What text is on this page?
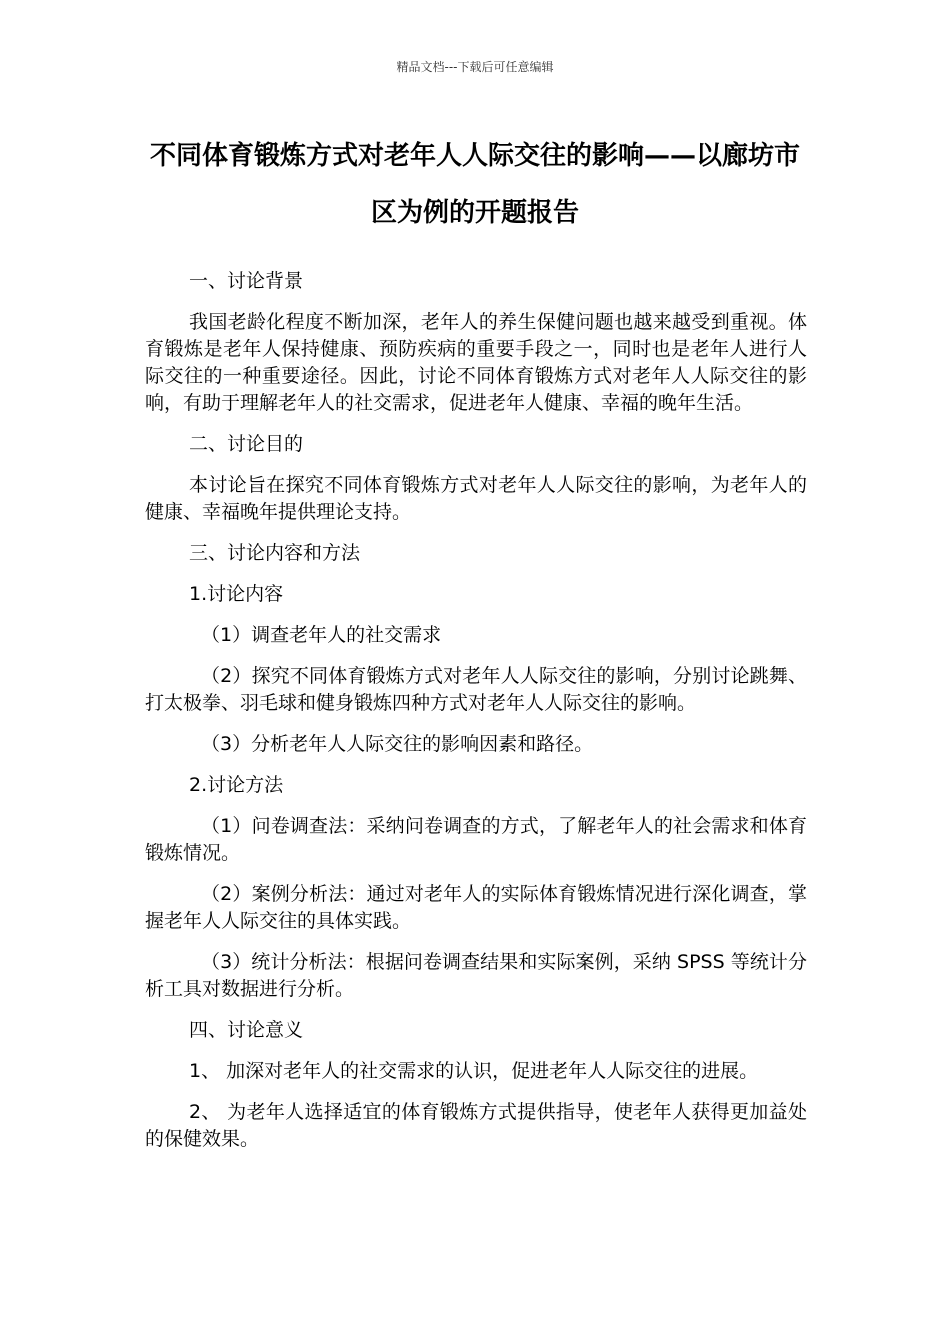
精品文档---下载后可任意编辑
不同体育锻炼方式对老年人人际交往的影响——以廊坊市区为例的开题报告

一、讨论背景

我国老龄化程度不断加深，老年人的养生保健问题也越来越受到重视。体育锻炼是老年人保持健康、预防疾病的重要手段之一，同时也是老年人进行人际交往的一种重要途径。因此，讨论不同体育锻炼方式对老年人人际交往的影响，有助于理解老年人的社交需求，促进老年人健康、幸福的晚年生活。

二、讨论目的

本讨论旨在探究不同体育锻炼方式对老年人人际交往的影响，为老年人的健康、幸福晚年提供理论支持。

三、讨论内容和方法

1.讨论内容

（1）调查老年人的社交需求

（2）探究不同体育锻炼方式对老年人人际交往的影响，分别讨论跳舞、打太极拳、羽毛球和健身锻炼四种方式对老年人人际交往的影响。

（3）分析老年人人际交往的影响因素和路径。

2.讨论方法

（1）问卷调查法：采纳问卷调查的方式，了解老年人的社会需求和体育锻炼情况。

（2）案例分析法：通过对老年人的实际体育锻炼情况进行深化调查，掌握老年人人际交往的具体实践。

（3）统计分析法：根据问卷调查结果和实际案例，采纳 SPSS 等统计分析工具对数据进行分析。

四、讨论意义

1、 加深对老年人的社交需求的认识，促进老年人人际交往的进展。

2、 为老年人选择适宜的体育锻炼方式提供指导，使老年人获得更加益处的保健效果。
